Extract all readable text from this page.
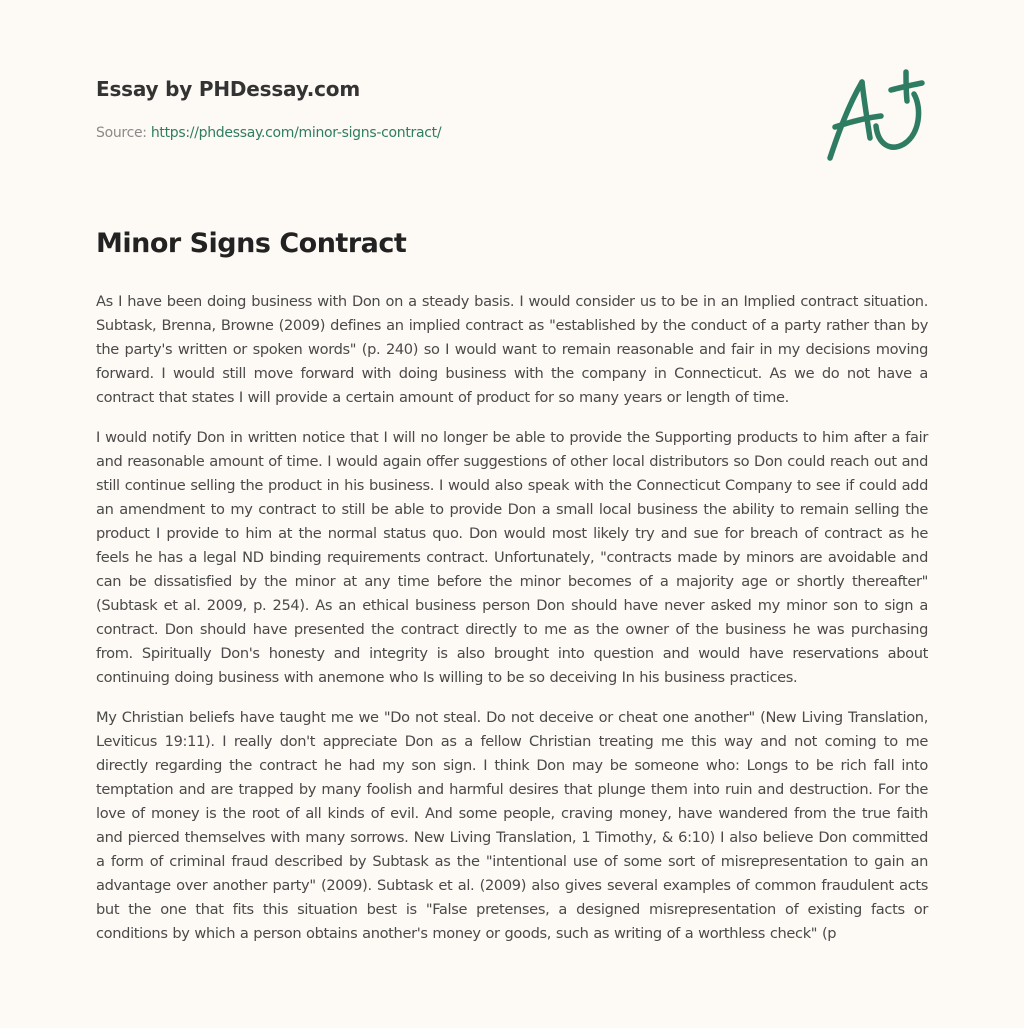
Essay by PHDessay.com
Source: https://phdessay.com/minor-signs-contract/
Minor Signs Contract

As I have been doing business with Don on a steady basis. I would consider us to be in an Implied contract situation. Subtask, Brenna, Browne (2009) defines an implied contract as "established by the conduct of a party rather than by the party's written or spoken words" (p. 240) so I would want to remain reasonable and fair in my decisions moving forward. I would still move forward with doing business with the company in Connecticut. As we do not have a contract that states I will provide a certain amount of product for so many years or length of time.

I would notify Don in written notice that I will no longer be able to provide the Supporting products to him after a fair and reasonable amount of time. I would again offer suggestions of other local distributors so Don could reach out and still continue selling the product in his business. I would also speak with the Connecticut Company to see if could add an amendment to my contract to still be able to provide Don a small local business the ability to remain selling the product I provide to him at the normal status quo. Don would most likely try and sue for breach of contract as he feels he has a legal ND binding requirements contract. Unfortunately, "contracts made by minors are avoidable and can be dissatisfied by the minor at any time before the minor becomes of a majority age or shortly thereafter" (Subtask et al. 2009, p. 254). As an ethical business person Don should have never asked my minor son to sign a contract. Don should have presented the contract directly to me as the owner of the business he was purchasing from. Spiritually Don's honesty and integrity is also brought into question and would have reservations about continuing doing business with anemone who Is willing to be so deceiving In his business practices.

My Christian beliefs have taught me we "Do not steal. Do not deceive or cheat one another" (New Living Translation, Leviticus 19:11). I really don't appreciate Don as a fellow Christian treating me this way and not coming to me directly regarding the contract he had my son sign. I think Don may be someone who: Longs to be rich fall into temptation and are trapped by many foolish and harmful desires that plunge them into ruin and destruction. For the love of money is the root of all kinds of evil. And some people, craving money, have wandered from the true faith and pierced themselves with many sorrows. New Living Translation, 1 Timothy, & 6:10) I also believe Don committed a form of criminal fraud described by Subtask as the "intentional use of some sort of misrepresentation to gain an advantage over another party" (2009). Subtask et al. (2009) also gives several examples of common fraudulent acts but the one that fits this situation best is "False pretenses, a designed misrepresentation of existing facts or conditions by which a person obtains another's money or goods, such as writing of a worthless check" (p
